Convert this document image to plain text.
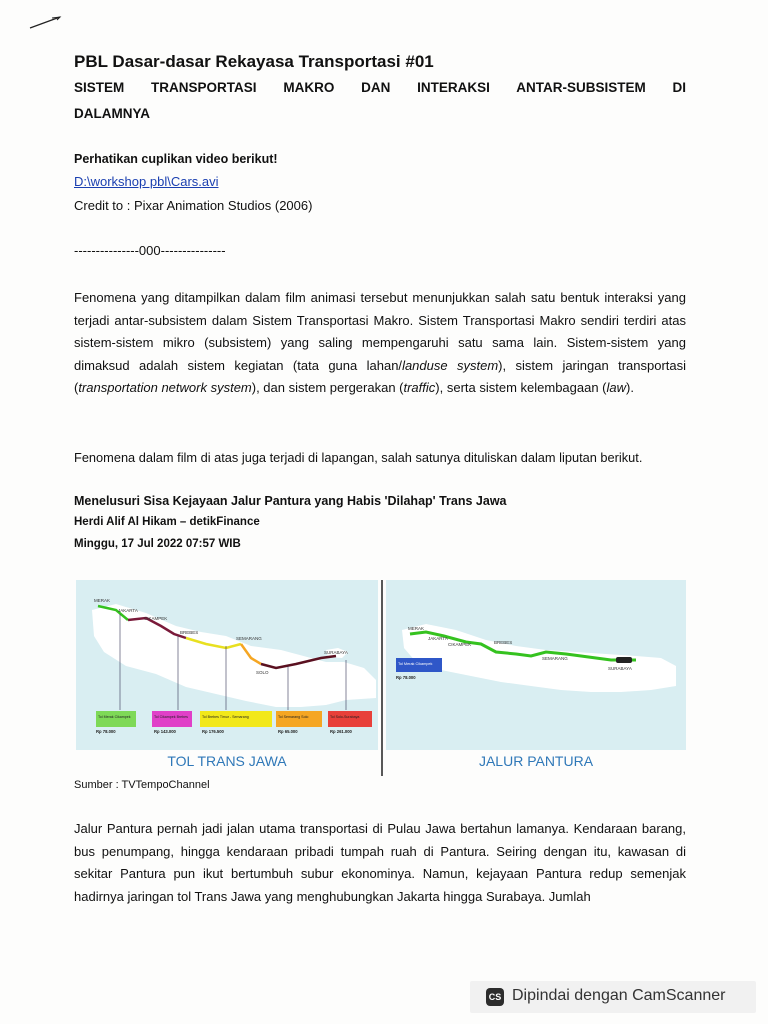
PBL Dasar-dasar Rekayasa Transportasi #01
SISTEM TRANSPORTASI MAKRO DAN INTERAKSI ANTAR-SUBSISTEM DI
DALAMNYA
Perhatikan cuplikan video berikut!
D:\workshop pbl\Cars.avi
Credit to : Pixar Animation Studios (2006)
---------------000---------------
Fenomena yang ditampilkan dalam film animasi tersebut menunjukkan salah satu bentuk interaksi yang terjadi antar-subsistem dalam Sistem Transportasi Makro. Sistem Transportasi Makro sendiri terdiri atas sistem-sistem mikro (subsistem) yang saling mempengaruhi satu sama lain. Sistem-sistem yang dimaksud adalah sistem kegiatan (tata guna lahan/landuse system), sistem jaringan transportasi (transportation network system), dan sistem pergerakan (traffic), serta sistem kelembagaan (law).
Fenomena dalam film di atas juga terjadi di lapangan, salah satunya dituliskan dalam liputan berikut.
Menelusuri Sisa Kejayaan Jalur Pantura yang Habis 'Dilahap' Trans Jawa
Herdi Alif Al Hikam – detikFinance
Minggu, 17 Jul 2022 07:57 WIB
MERAK
JAKARTA
CIKAMPEK
BREBES
SEMARANG
SOLO
SURABAYA
Tol Merak Cikampek
Rp 78.000
Tol Cikampek Brebes
Rp 143.000
Tol Brebes Timur - Semarang
Rp 176.500
Tol Semarang Solo
Rp 65.000
Tol Solo-Surabaya
Rp 261.000
TOL TRANS JAWA
MERAK
JAKARTA
CIKAMPEK	BREBES
SEMARANG
SURABAYA
Tol Merak Cikampek
Rp 78.000
JALUR PANTURA
Sumber : TVTempoChannel
Jalur Pantura pernah jadi jalan utama transportasi di Pulau Jawa bertahun lamanya. Kendaraan barang, bus penumpang, hingga kendaraan pribadi tumpah ruah di Pantura. Seiring dengan itu, kawasan di sekitar Pantura pun ikut bertumbuh subur ekonominya. Namun, kejayaan Pantura redup semenjak hadirnya jaringan tol Trans Jawa yang menghubungkan Jakarta hingga Surabaya. Jumlah
CS Dipindai dengan CamScanner
